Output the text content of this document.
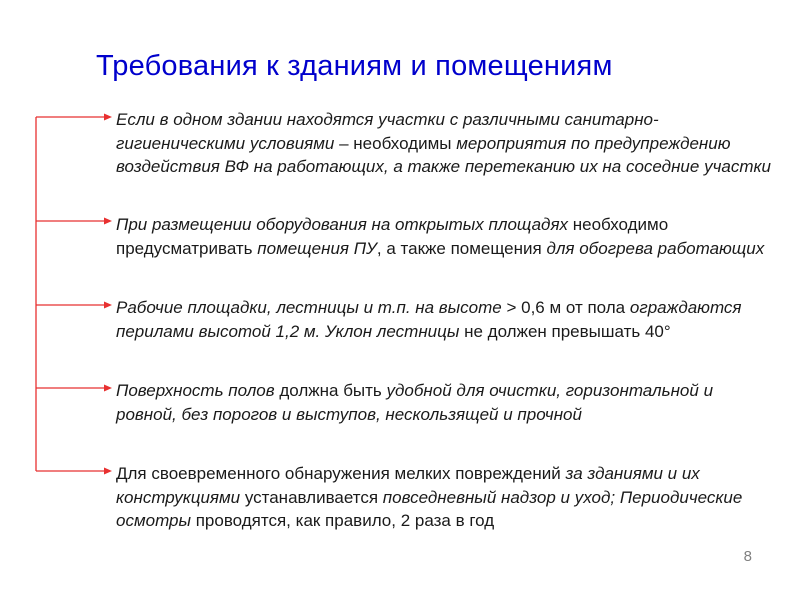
Требования к зданиям и помещениям
Если в одном здании находятся участки с различными санитарно-гигиеническими условиями – необходимы мероприятия по предупреждению воздействия ВФ на работающих, а также перетеканию их на соседние участки
При размещении оборудования на открытых площадях необходимо предусматривать помещения ПУ, а также помещения для обогрева работающих
Рабочие площадки, лестницы и т.п. на высоте > 0,6 м от пола ограждаются перилами высотой 1,2 м. Уклон лестницы не должен превышать 40°
Поверхность полов должна быть удобной для очистки, горизонтальной и ровной, без порогов и выступов, нескользящей и прочной
Для своевременного обнаружения мелких повреждений за зданиями и их конструкциями устанавливается повседневный надзор и уход; Периодические осмотры проводятся, как правило, 2 раза в год
8
